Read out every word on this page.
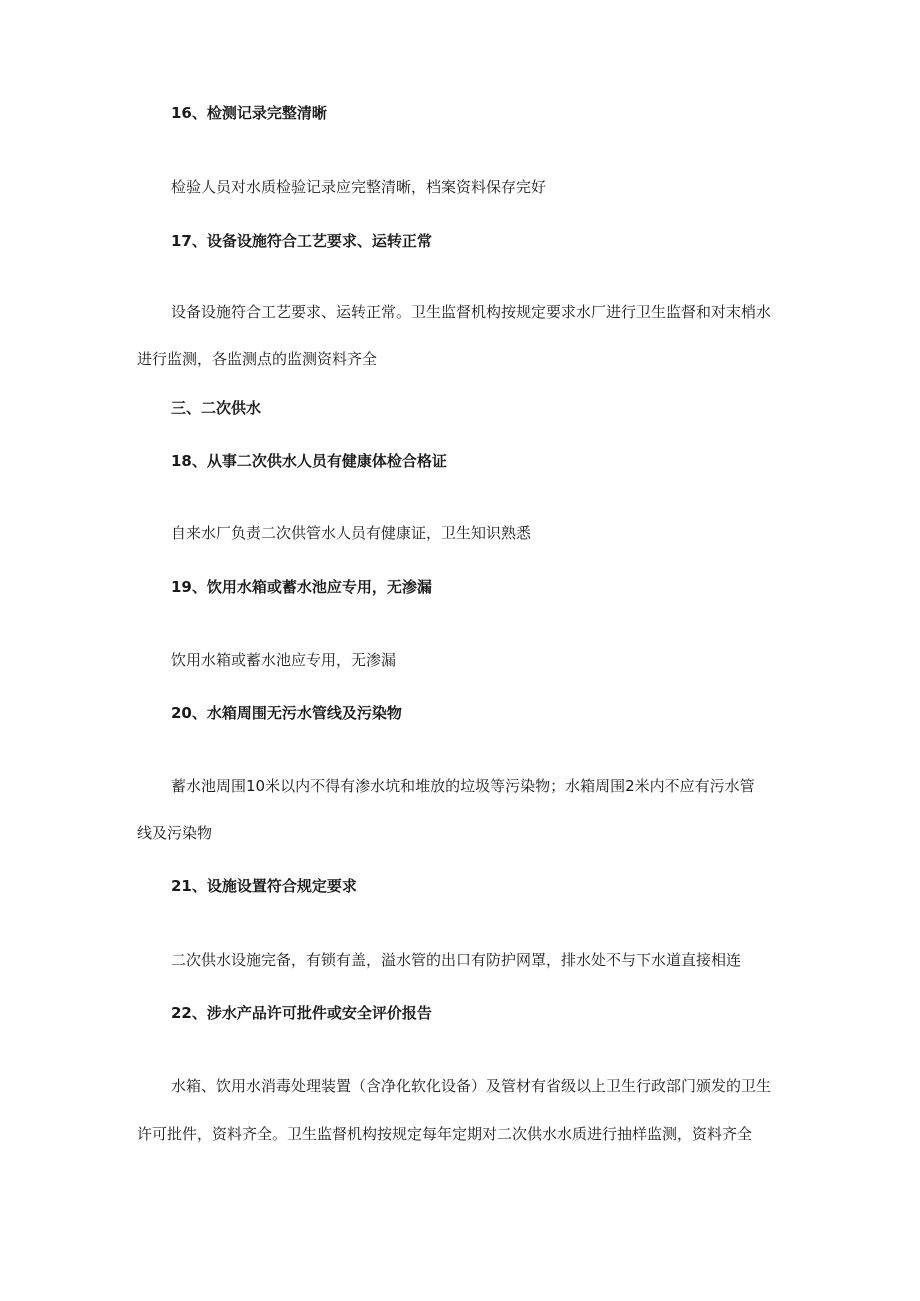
16、检测记录完整清晰
检验人员对水质检验记录应完整清晰，档案资料保存完好
17、设备设施符合工艺要求、运转正常
设备设施符合工艺要求、运转正常。卫生监督机构按规定要求水厂进行卫生监督和对末梢水
进行监测，各监测点的监测资料齐全
三、二次供水
18、从事二次供水人员有健康体检合格证
自来水厂负责二次供管水人员有健康证，卫生知识熟悉
19、饮用水箱或蓄水池应专用，无渗漏
饮用水箱或蓄水池应专用，无渗漏
20、水箱周围无污水管线及污染物
蓄水池周围10米以内不得有渗水坑和堆放的垃圾等污染物；水箱周围2米内不应有污水管
线及污染物
21、设施设置符合规定要求
二次供水设施完备，有锁有盖，溢水管的出口有防护网罩，排水处不与下水道直接相连
22、涉水产品许可批件或安全评价报告
水箱、饮用水消毒处理装置（含净化软化设备）及管材有省级以上卫生行政部门颁发的卫生
许可批件，资料齐全。卫生监督机构按规定每年定期对二次供水水质进行抽样监测，资料齐全
